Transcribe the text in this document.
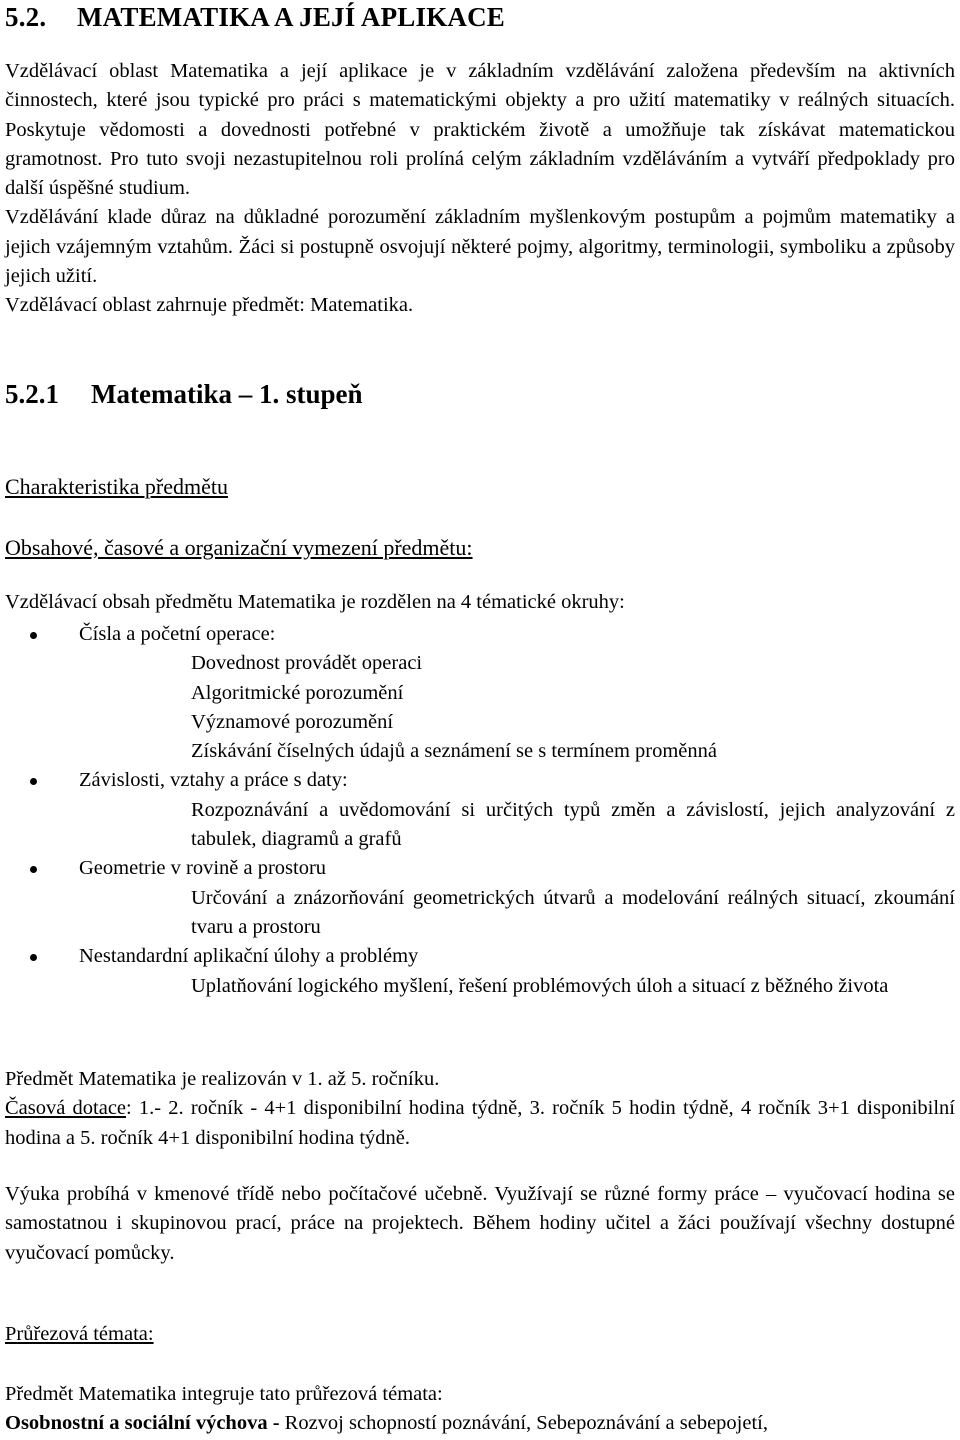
5.2. MATEMATIKA A JEJÍ APLIKACE
Vzdělávací oblast Matematika a její aplikace je v základním vzdělávání založena především na aktivních činnostech, které jsou typické pro práci s matematickými objekty a pro užití matematiky v reálných situacích. Poskytuje vědomosti a dovednosti potřebné v praktickém životě a umožňuje tak získávat matematickou gramotnost. Pro tuto svoji nezastupitelnou roli prolíná celým základním vzděláváním a vytváří předpoklady pro další úspěšné studium.
Vzdělávání klade důraz na důkladné porozumění základním myšlenkovým postupům a pojmům matematiky a jejich vzájemným vztahům. Žáci si postupně osvojují některé pojmy, algoritmy, terminologii, symboliku a způsoby jejich užití.
Vzdělávací oblast zahrnuje předmět: Matematika.
5.2.1 Matematika – 1. stupeň
Charakteristika předmětu
Obsahové, časové a organizační vymezení předmětu:
Vzdělávací obsah předmětu Matematika je rozdělen na 4 tématické okruhy:
Čísla a početní operace:
Dovednost provádět operaci
Algoritmické porozumění
Významové porozumění
Získávání číselných údajů a seznámení se s termínem proměnná
Závislosti, vztahy a práce s daty:
Rozpoznávání a uvědomování si určitých typů změn a závislostí, jejich analyzování z tabulek, diagramů a grafů
Geometrie v rovině a prostoru
Určování a znázorňování geometrických útvarů a modelování reálných situací, zkoumání tvaru a prostoru
Nestandardní aplikační úlohy a problémy
Uplatňování logického myšlení, řešení problémových úloh a situací z běžného života
Předmět Matematika je realizován v 1. až 5. ročníku.
Časová dotace: 1.- 2. ročník - 4+1 disponibilní hodina týdně, 3. ročník 5 hodin týdně, 4 ročník 3+1 disponibilní hodina a 5. ročník 4+1 disponibilní hodina týdně.
Výuka probíhá v kmenové třídě nebo počítačové učebně. Využívají se různé formy práce – vyučovací hodina se samostatnou i skupinovou prací, práce na projektech. Během hodiny učitel a žáci používají všechny dostupné vyučovací pomůcky.
Průřezová témata:
Předmět Matematika integruje tato průřezová témata:
Osobnostní a sociální výchova - Rozvoj schopností poznávání, Sebepoznávání a sebepojetí,
